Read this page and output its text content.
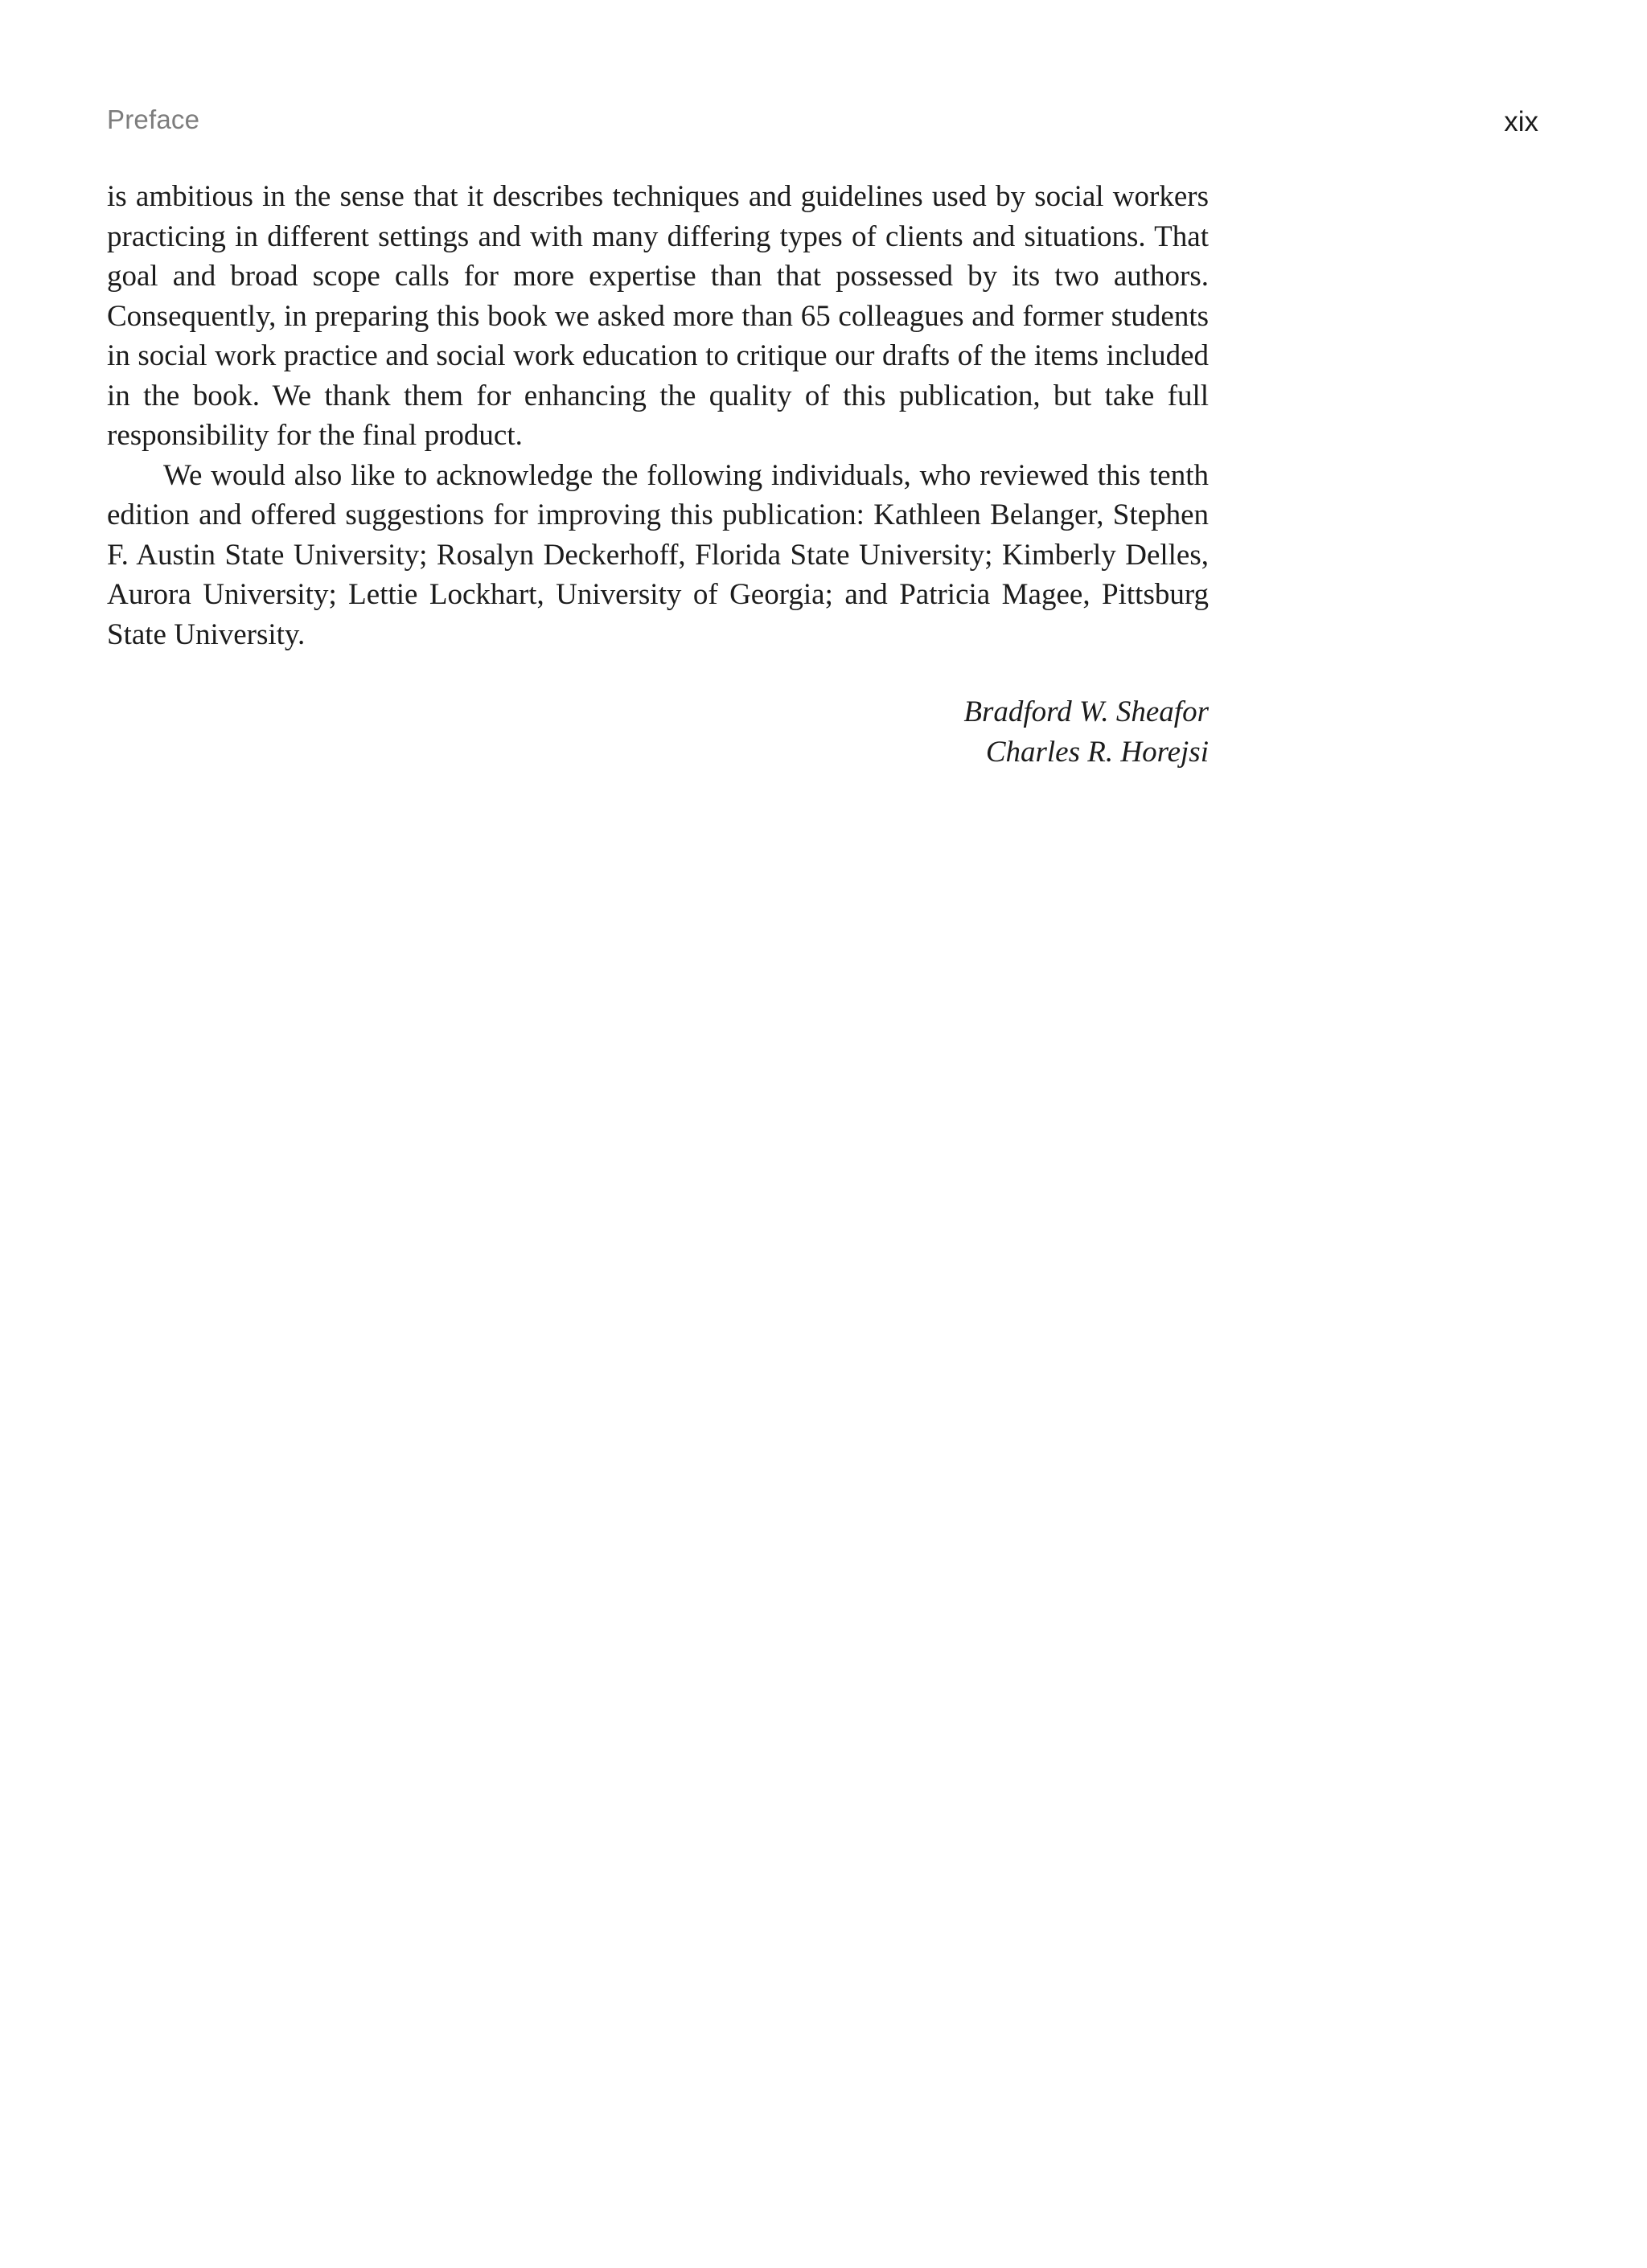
Preface	xix

is ambitious in the sense that it describes techniques and guidelines used by social workers practicing in different settings and with many differing types of clients and situations. That goal and broad scope calls for more expertise than that possessed by its two authors. Consequently, in preparing this book we asked more than 65 colleagues and former students in social work practice and social work education to critique our drafts of the items included in the book. We thank them for enhancing the quality of this publication, but take full responsibility for the final product.

We would also like to acknowledge the following individuals, who reviewed this tenth edition and offered suggestions for improving this publication: Kathleen Belanger, Stephen F. Austin State University; Rosalyn Deckerhoff, Florida State University; Kimberly Delles, Aurora University; Lettie Lockhart, University of Georgia; and Patricia Magee, Pittsburg State University.

Bradford W. Sheafor
Charles R. Horejsi
